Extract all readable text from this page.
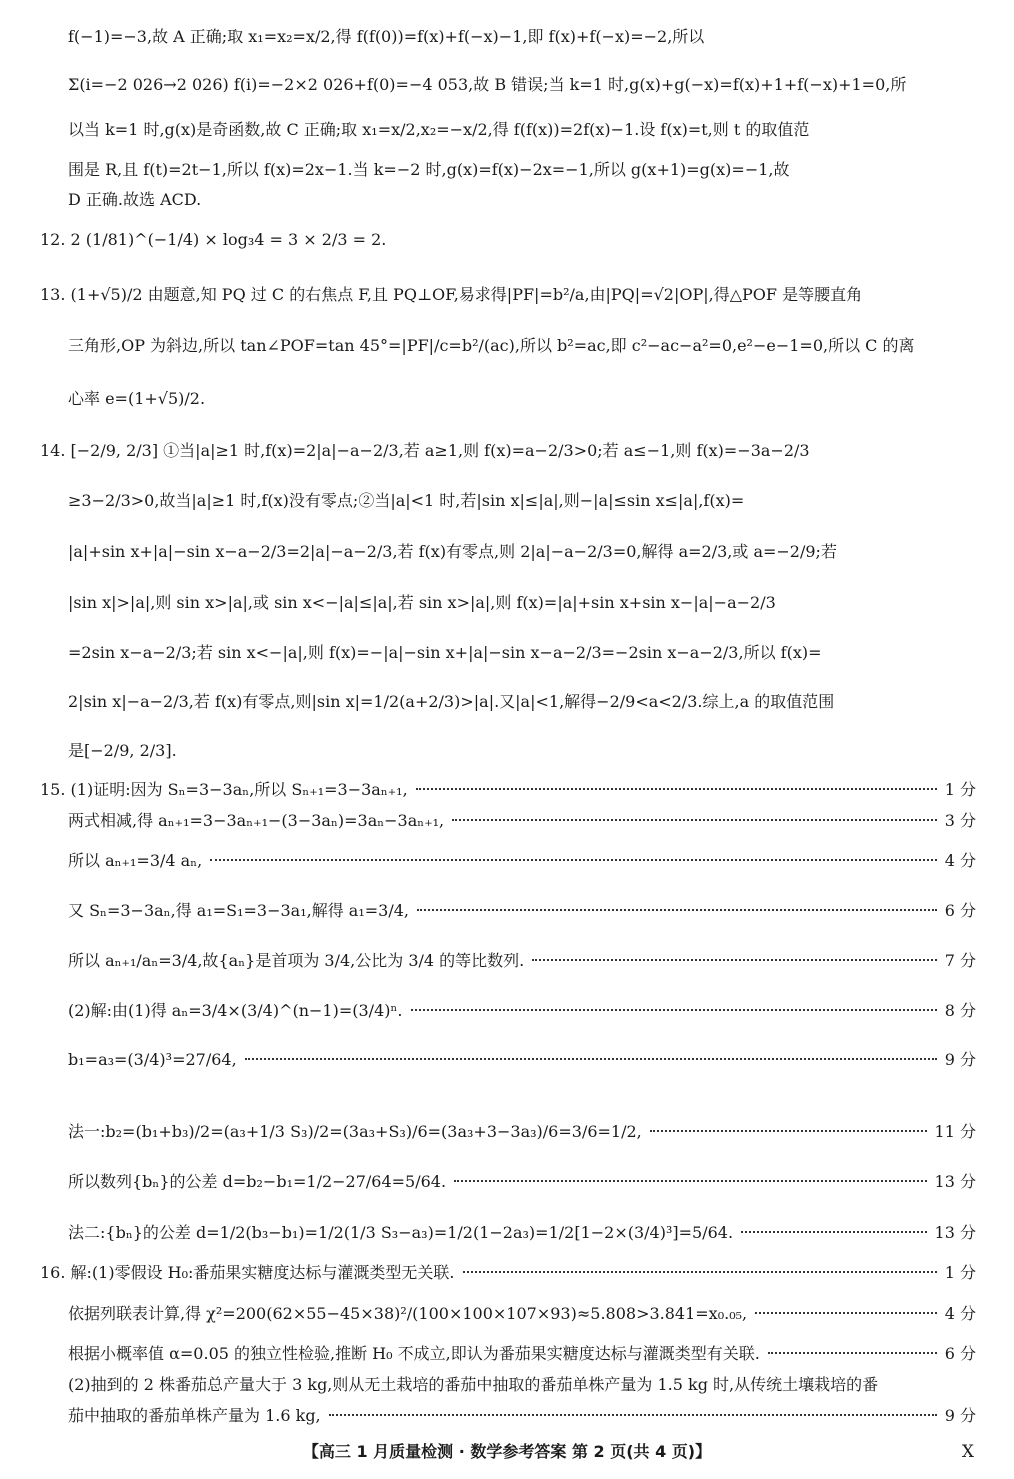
f(−1)=−3,故 A 正确;取 x₁=x₂=x/2,得 f(f(0))=f(x)+f(−x)−1,即 f(x)+f(−x)=−2,所以
Σ(i=−2 026→2 026) f(i)=−2×2 026+f(0)=−4 053,故 B 错误;当 k=1 时,g(x)+g(−x)=f(x)+1+f(−x)+1=0,所
以当 k=1 时,g(x)是奇函数,故 C 正确;取 x₁=x/2,x₂=−x/2,得 f(f(x))=2f(x)−1.设 f(x)=t,则 t 的取值范
围是 R,且 f(t)=2t−1,所以 f(x)=2x−1.当 k=−2 时,g(x)=f(x)−2x=−1,所以 g(x+1)=g(x)=−1,故
D 正确.故选 ACD.
12. 2 (1/81)^(−1/4) × log₃4 = 3 × 2/3 = 2.
13. (1+√5)/2 由题意,知 PQ 过 C 的右焦点 F,且 PQ⊥OF,易求得|PF|=b²/a,由|PQ|=√2|OP|,得△POF 是等腰直角
三角形,OP 为斜边,所以 tan∠POF=tan 45°=|PF|/c=b²/(ac),所以 b²=ac,即 c²−ac−a²=0,e²−e−1=0,所以 C 的离
心率 e=(1+√5)/2.
14. [−2/9, 2/3] ①当|a|≥1 时,f(x)=2|a|−a−2/3,若 a≥1,则 f(x)=a−2/3>0;若 a≤−1,则 f(x)=−3a−2/3
≥3−2/3>0,故当|a|≥1 时,f(x)没有零点;②当|a|<1 时,若|sin x|≤|a|,则−|a|≤sin x≤|a|,f(x)=
|a|+sin x+|a|−sin x−a−2/3=2|a|−a−2/3,若 f(x)有零点,则 2|a|−a−2/3=0,解得 a=2/3,或 a=−2/9;若
|sin x|>|a|,则 sin x>|a|,或 sin x<−|a|≤|a|,若 sin x>|a|,则 f(x)=|a|+sin x+sin x−|a|−a−2/3
=2sin x−a−2/3;若 sin x<−|a|,则 f(x)=−|a|−sin x+|a|−sin x−a−2/3=−2sin x−a−2/3,所以 f(x)=
2|sin x|−a−2/3,若 f(x)有零点,则|sin x|=1/2(a+2/3)>|a|.又|a|<1,解得−2/9<a<2/3.综上,a 的取值范围
是[−2/9, 2/3].
15. (1)证明:因为 Sₙ=3−3aₙ,所以 Sₙ₊₁=3−3aₙ₊₁,	1 分
两式相减,得 aₙ₊₁=3−3aₙ₊₁−(3−3aₙ)=3aₙ−3aₙ₊₁,	3 分
所以 aₙ₊₁=3/4 aₙ,	4 分
又 Sₙ=3−3aₙ,得 a₁=S₁=3−3a₁,解得 a₁=3/4,	6 分
所以 aₙ₊₁/aₙ=3/4,故{aₙ}是首项为 3/4,公比为 3/4 的等比数列.	7 分
(2)解:由(1)得 aₙ=3/4×(3/4)^(n−1)=(3/4)ⁿ.	8 分
b₁=a₃=(3/4)³=27/64,	9 分
法一:b₂=(b₁+b₃)/2=(a₃+1/3 S₃)/2=(3a₃+S₃)/6=(3a₃+3−3a₃)/6=3/6=1/2,	11 分
所以数列{bₙ}的公差 d=b₂−b₁=1/2−27/64=5/64.	13 分
法二:{bₙ}的公差 d=1/2(b₃−b₁)=1/2(1/3 S₃−a₃)=1/2(1−2a₃)=1/2[1−2×(3/4)³]=5/64.	13 分
16. 解:(1)零假设 H₀:番茄果实糖度达标与灌溉类型无关联.	1 分
依据列联表计算,得 χ²=200(62×55−45×38)²/(100×100×107×93)≈5.808>3.841=x₀.₀₅,	4 分
根据小概率值 α=0.05 的独立性检验,推断 H₀ 不成立,即认为番茄果实糖度达标与灌溉类型有关联.	6 分
(2)抽到的 2 株番茄总产量大于 3 kg,则从无土栽培的番茄中抽取的番茄单株产量为 1.5 kg 时,从传统土壤栽培的番
茄中抽取的番茄单株产量为 1.6 kg,	9 分
【高三 1 月质量检测 · 数学参考答案 第 2 页(共 4 页)】	X
